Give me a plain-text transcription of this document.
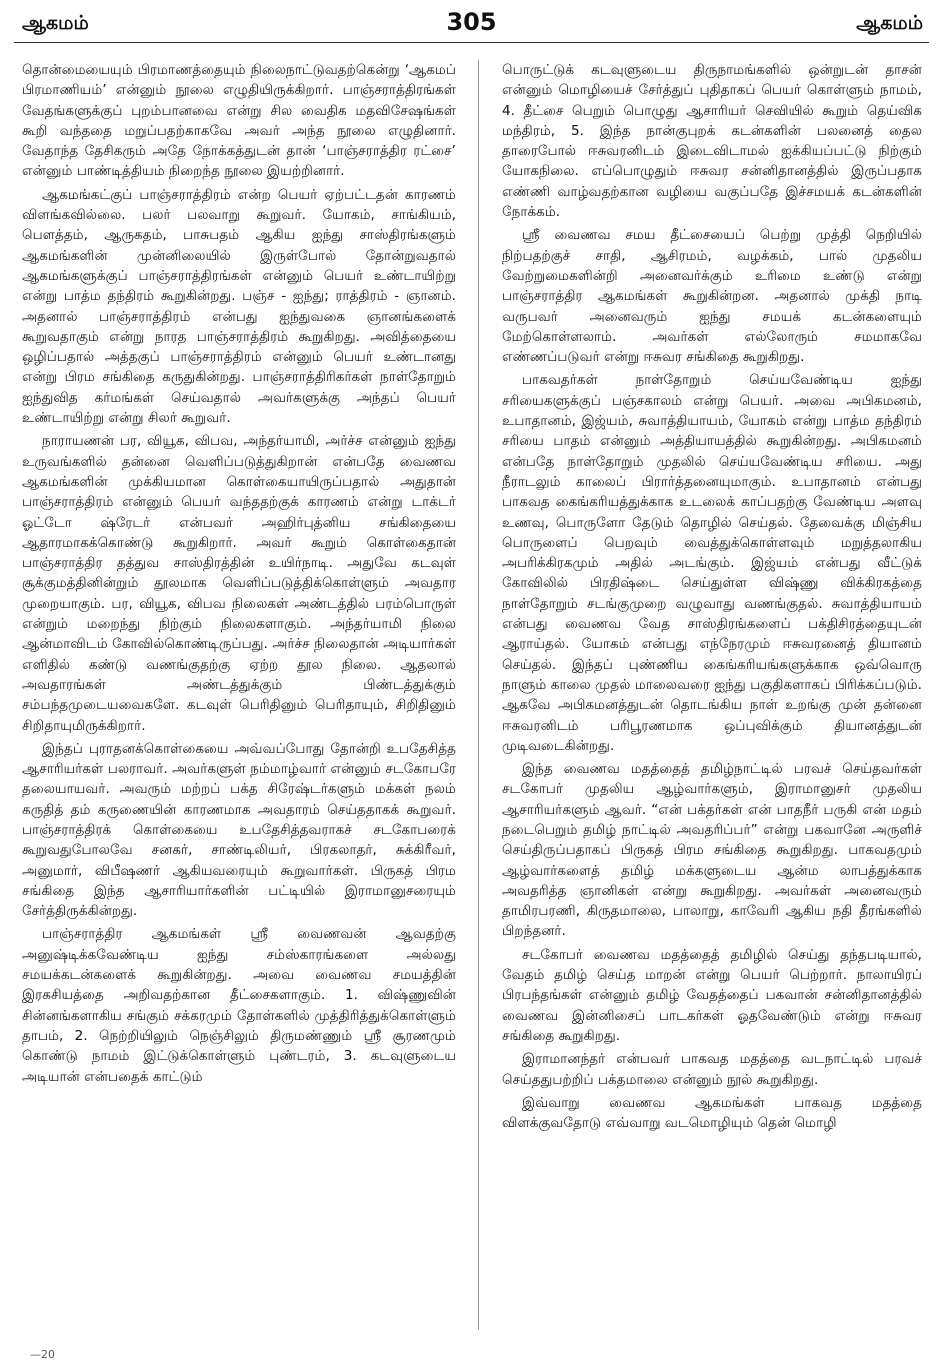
ஆகமம்	305	ஆகமம்

தொன்மையையும் பிரமாணத்தையும் நிலைநாட்டுவதற்கென்று ‘ஆகமப் பிரமாணியம்’ என்னும் நூலை எழுதியிருக்கிறார். பாஞ்சராத்திரங்கள் வேதங்களுக்குப் புறம்பானவை என்று சில வைதிக மதவிசேஷங்கள் கூறி வந்ததை மறுப்பதற்காகவே அவர் அந்த நூலை எழுதினார். வேதாந்த தேசிகரும் அதே நோக்கத்துடன் தான் ‘பாஞ்சராத்திர ரட்சை’ என்னும் பாண்டித்தியம் நிறைந்த நூலை இயற்றினார்.

ஆகமங்கட்குப் பாஞ்சராத்திரம் என்ற பெயர் ஏற்பட்டதன் காரணம் விளங்கவில்லை. பலர் பலவாறு கூறுவர். யோகம், சாங்கியம், பௌத்தம், ஆருகதம், பாசுபதம் ஆகிய ஐந்து சாஸ்திரங்களும் ஆகமங்களின் முன்னிலையில் இருள்போல் தோன்றுவதால் ஆகமங்களுக்குப் பாஞ்சராத்திரங்கள் என்னும் பெயர் உண்டாயிற்று என்று பாத்ம தந்திரம் கூறுகின்றது. பஞ்ச - ஐந்து; ராத்திரம் - ஞானம். அதனால் பாஞ்சராத்திரம் என்பது ஐந்துவகை ஞானங்களைக் கூறுவதாகும் என்று நாரத பாஞ்சராத்திரம் கூறுகிறது. அவித்தையை ஒழிப்பதால் அத்தகுப் பாஞ்சராத்திரம் என்னும் பெயர் உண்டானது என்று பிரம சங்கிதை கருதுகின்றது. பாஞ்சராத்திரிகர்கள் நாள்தோறும் ஐந்துவித கர்மங்கள் செய்வதால் அவர்களுக்கு அந்தப் பெயர் உண்டாயிற்று என்று சிலர் கூறுவர்.

நாராயணன் பர, வியூக, விபவ, அந்தர்யாமி, அர்ச்ச என்னும் ஐந்து உருவங்களில் தன்னை வெளிப்படுத்துகிறான் என்பதே வைணவ ஆகமங்களின் முக்கியமான கொள்கையாயிருப்பதால் அதுதான் பாஞ்சராத்திரம் என்னும் பெயர் வந்ததற்குக் காரணம் என்று டாக்டர் ஓட்டோ ஷ்ரேடர் என்பவர் அஹிர்புத்னிய சங்கிதையை ஆதாரமாகக்கொண்டு கூறுகிறார். அவர் கூறும் கொள்கைதான் பாஞ்சராத்திர தத்துவ சாஸ்திரத்தின் உயிர்நாடி. அதுவே கடவுள் சூக்குமத்தினின்றும் தூலமாக வெளிப்படுத்திக்கொள்ளும் அவதார முறையாகும். பர, வியூக, விபவ நிலைகள் அண்டத்தில் பரம்பொருள் என்றும் மறைந்து நிற்கும் நிலைகளாகும். அந்தர்யாமி நிலை ஆன்மாவிடம் கோவில்கொண்டிருப்பது. அர்ச்ச நிலைதான் அடியார்கள் எளிதில் கண்டு வணங்குதற்கு ஏற்ற தூல நிலை. ஆதலால் அவதாரங்கள் அண்டத்துக்கும் பிண்டத்துக்கும் சம்பந்தமுடையவைகளே. கடவுள் பெரிதினும் பெரிதாயும், சிறிதினும் சிறிதாயுமிருக்கிறார்.

இந்தப் புராதனக்கொள்கையை அவ்வப்போது தோன்றி உபதேசித்த ஆசாரியர்கள் பலராவர். அவர்களுள் நம்மாழ்வார் என்னும் சடகோபரே தலையாயவர். அவரும் மற்றப் பக்த சிரேஷ்டர்களும் மக்கள் நலம் கருதித் தம் கருணையின் காரணமாக அவதாரம் செய்ததாகக் கூறுவர். பாஞ்சராத்திரக் கொள்கையை உபதேசித்தவராகச் சடகோபரைக் கூறுவதுபோலவே சனகர், சாண்டிலியர், பிரகலாதர், சுக்கிரீவர், அனுமார், விபீஷணர் ஆகியவரையும் கூறுவார்கள். பிருகத் பிரம சங்கிதை இந்த ஆசாரியார்களின் பட்டியில் இராமானுசரையும் சேர்த்திருக்கின்றது.

பாஞ்சராத்திர ஆகமங்கள் ஸ்ரீ வைணவன் ஆவதற்கு அனுஷ்டிக்கவேண்டிய ஐந்து சம்ஸ்காரங்களை அல்லது சமயக்கடன்களைக் கூறுகின்றது. அவை வைணவ சமயத்தின் இரகசியத்தை அறிவதற்கான தீட்சைகளாகும். 1. விஷ்ணுவின் சின்னங்களாகிய சங்கும் சக்கரமும் தோள்களில் முத்திரித்துக்கொள்ளும் தாபம், 2. நெற்றியிலும் நெஞ்சிலும் திருமண்ணும் ஸ்ரீ சூரணமும் கொண்டு நாமம் இட்டுக்கொள்ளும் புண்டரம், 3. கடவுளுடைய அடியான் என்பதைக் காட்டும்

பொருட்டுக் கடவுளுடைய திருநாமங்களில் ஒன்றுடன் தாசன் என்னும் மொழியைச் சேர்த்துப் புதிதாகப் பெயர் கொள்ளும் நாமம், 4. தீட்சை பெறும் பொழுது ஆசாரியர் செவியில் கூறும் தெய்விக மந்திரம், 5. இந்த நான்குபுறக் கடன்களின் பலனைத் தைல தாரைபோல் ஈசுவரனிடம் இடைவிடாமல் ஐக்கியப்பட்டு நிற்கும் யோகநிலை. எப்பொழுதும் ஈசுவர சன்னிதானத்தில் இருப்பதாக எண்ணி வாழ்வதற்கான வழியை வகுப்பதே இச்சமயக் கடன்களின் நோக்கம்.

ஸ்ரீ வைணவ சமய தீட்சையைப் பெற்று முத்தி நெறியில் நிற்பதற்குச் சாதி, ஆசிரமம், வழக்கம், பால் முதலிய வேற்றுமைகளின்றி அனைவர்க்கும் உரிமை உண்டு என்று பாஞ்சராத்திர ஆகமங்கள் கூறுகின்றன. அதனால் முக்தி நாடி வருபவர் அனைவரும் ஐந்து சமயக் கடன்களையும் மேற்கொள்ளலாம். அவர்கள் எல்லோரும் சமமாகவே எண்ணப்படுவர் என்று ஈசுவர சங்கிதை கூறுகிறது.

பாகவதர்கள் நாள்தோறும் செய்யவேண்டிய ஐந்து சரியைகளுக்குப் பஞ்சகாலம் என்று பெயர். அவை அபிகமனம், உபாதானம், இஜ்யம், சுவாத்தியாயம், யோகம் என்று பாத்ம தந்திரம் சரியை பாதம் என்னும் அத்தியாயத்தில் கூறுகின்றது. அபிகமனம் என்பதே நாள்தோறும் முதலில் செய்யவேண்டிய சரியை. அது நீராடலும் காலைப் பிரார்த்தனையுமாகும். உபாதானம் என்பது பாகவத கைங்கரியத்துக்காக உடலைக் காப்பதற்கு வேண்டிய அளவு உணவு, பொருளோ தேடும் தொழில் செய்தல். தேவைக்கு மிஞ்சிய பொருளைப் பெறவும் வைத்துக்கொள்ளவும் மறுத்தலாகிய அபரிக்கிரகமும் அதில் அடங்கும். இஜ்யம் என்பது வீட்டுக் கோவிலில் பிரதிஷ்டை செய்துள்ள விஷ்ணு விக்கிரகத்தை நாள்தோறும் சடங்குமுறை வழுவாது வணங்குதல். சுவாத்தியாயம் என்பது வைணவ வேத சாஸ்திரங்களைப் பக்திசிரத்தையுடன் ஆராய்தல். யோகம் என்பது எந்நேரமும் ஈசுவரனைத் தியானம் செய்தல். இந்தப் புண்ணிய கைங்கரியங்களுக்காக ஒவ்வொரு நாளும் காலை முதல் மாலைவரை ஐந்து பகுதிகளாகப் பிரிக்கப்படும். ஆகவே அபிகமனத்துடன் தொடங்கிய நாள் உறங்கு முன் தன்னை ஈசுவரனிடம் பரிபூரணமாக ஒப்புவிக்கும் தியானத்துடன் முடிவடைகின்றது.

இந்த வைணவ மதத்தைத் தமிழ்நாட்டில் பரவச் செய்தவர்கள் சடகோபர் முதலிய ஆழ்வார்களும், இராமானுசர் முதலிய ஆசாரியர்களும் ஆவர். “என் பக்தர்கள் என் பாதநீர் பருகி என் மதம் நடைபெறும் தமிழ் நாட்டில் அவதரிப்பர்” என்று பகவானே அருளிச் செய்திருப்பதாகப் பிருகத் பிரம சங்கிதை கூறுகிறது. பாகவதமும் ஆழ்வார்களைத் தமிழ் மக்களுடைய ஆன்ம லாபத்துக்காக அவதரித்த ஞானிகள் என்று கூறுகிறது. அவர்கள் அனைவரும் தாமிரபரணி, கிருதமாலை, பாலாறு, காவேரி ஆகிய நதி தீரங்களில் பிறந்தனர்.

சடகோபர் வைணவ மதத்தைத் தமிழில் செய்து தந்தபடியால், வேதம் தமிழ் செய்த மாறன் என்று பெயர் பெற்றார். நாலாயிரப் பிரபந்தங்கள் என்னும் தமிழ் வேதத்தைப் பகவான் சன்னிதானத்தில் வைணவ இன்னிசைப் பாடகர்கள் ஓதவேண்டும் என்று ஈசுவர சங்கிதை கூறுகிறது.

இராமானந்தர் என்பவர் பாகவத மதத்தை வடநாட்டில் பரவச் செய்ததுபற்றிப் பக்தமாலை என்னும் நூல் கூறுகிறது.

இவ்வாறு வைணவ ஆகமங்கள் பாகவத மதத்தை விளக்குவதோடு எவ்வாறு வடமொழியும் தென் மொழி

—20
